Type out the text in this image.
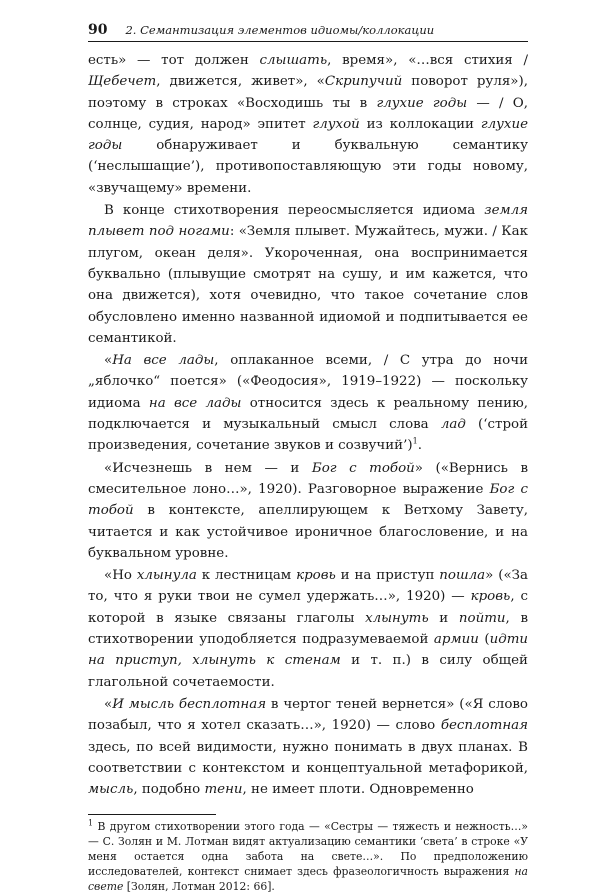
90 2. Семантизация элементов идиомы/коллокации

есть» — тот должен слышать, время», «…вся стихия / Щебечет, движется, живет», «Скрипучий поворот руля»), поэтому в строках «Восходишь ты в глухие годы — / О, солнце, судия, народ» эпитет глухой из коллокации глухие годы обнаруживает и буквальную семантику (‘неслышащие’), противопоставляющую эти годы новому, «звучащему» времени.

В конце стихотворения переосмысляется идиома земля плывет под ногами: «Земля плывет. Мужайтесь, мужи. / Как плугом, океан деля». Укороченная, она воспринимается буквально (плывущие смотрят на сушу, и им кажется, что она движется), хотя очевидно, что такое сочетание слов обусловлено именно названной идиомой и подпитывается ее семантикой.

«На все лады, оплаканное всеми, / С утра до ночи „яблочко“ поется» («Феодосия», 1919–1922) — поскольку идиома на все лады относится здесь к реальному пению, подключается и музыкальный смысл слова лад (‘строй произведения, сочетание звуков и созвучий’)$^1$.

«Исчезнешь в нем — и Бог с тобой» («Вернись в смесительное лоно…», 1920). Разговорное выражение Бог с тобой в контексте, апеллирующем к Ветхому Завету, читается и как устойчивое ироничное благословение, и на буквальном уровне.

«Но хлынула к лестницам кровь и на приступ пошла» («За то, что я руки твои не сумел удержать…», 1920) — кровь, с которой в языке связаны глаголы хлынуть и пойти, в стихотворении уподобляется подразумеваемой армии (идти на приступ, хлынуть к стенам и т. п.) в силу общей глагольной сочетаемости.

«И мысль бесплотная в чертог теней вернется» («Я слово позабыл, что я хотел сказать…», 1920) — слово бесплотная здесь, по всей видимости, нужно понимать в двух планах. В соответствии с контекстом и концептуальной метафорикой, мысль, подобно тени, не имеет плоти. Одновременно

$^1$ В другом стихотворении этого года — «Сестры — тяжесть и нежность…» — С. Золян и М. Лотман видят актуализацию семантики ‘света’ в строке «У меня остается одна забота на свете…». По предположению исследователей, контекст снимает здесь фразеологичность выражения на свете [Золян, Лотман 2012: 66].
